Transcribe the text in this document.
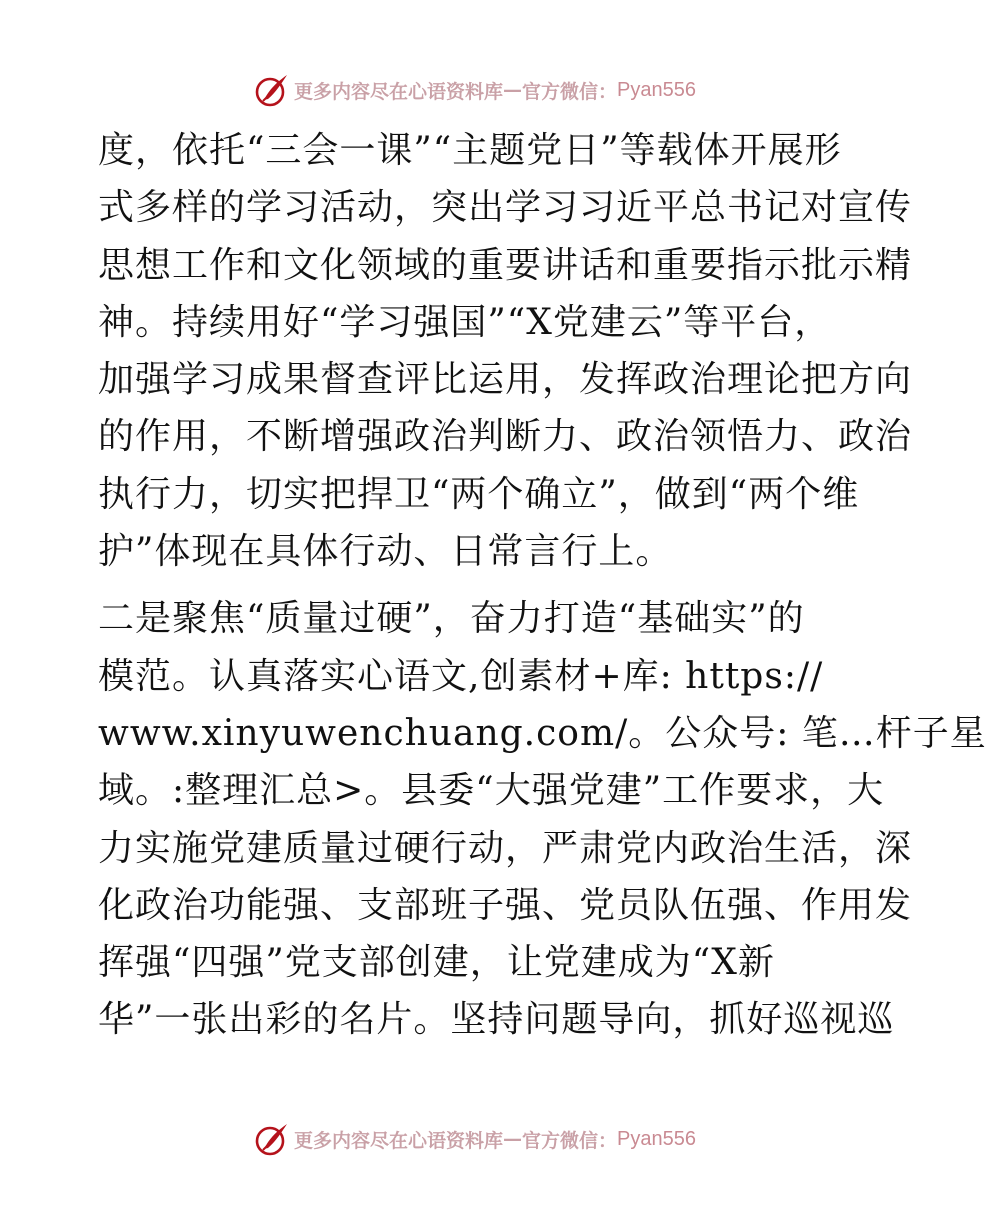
更多内容尽在心语资料库 — 官方微信： Pyan556
度，依托“三会一课”“主题党日”等载体开展形
式多样的学习活动，突出学习习近平总书记对宣传
思想工作和文化领域的重要讲话和重要指示批示精
神。持续用好“学习强国”“X党建云”等平台，
加强学习成果督查评比运用，发挥政治理论把方向
的作用，不断增强政治判断力、政治领悟力、政治
执行力，切实把捍卫“两个确立”，做到“两个维
护”体现在具体行动、日常言行上。
二是聚焦“质量过硬”，奋力打造“基础实”的
模范。认真落实心语文,创素材+库: https://
www.xinyuwenchuang.com/。公众号: 笔…杆子星
域。:整理汇总>。县委“大强党建”工作要求，大
力实施党建质量过硬行动，严肃党内政治生活，深
化政治功能强、支部班子强、党员队伍强、作用发
挥强“四强”党支部创建，让党建成为“X新
华”一张出彩的名片。坚持问题导向，抓好巡视巡
更多内容尽在心语资料库 — 官方微信： Pyan556
